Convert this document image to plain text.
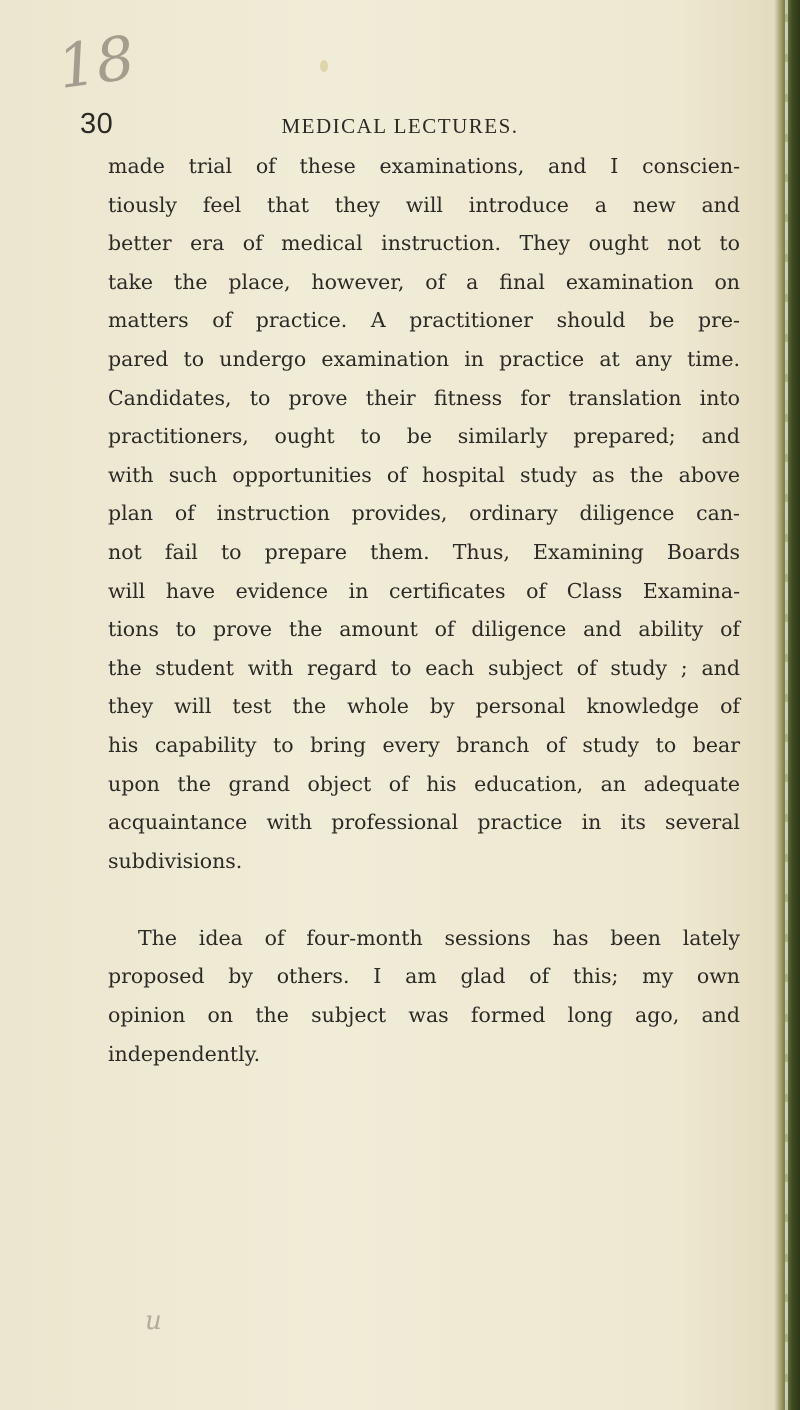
18
30	MEDICAL LECTURES.
made trial of these examinations, and I conscien-
tiously feel that they will introduce a new and
better era of medical instruction. They ought not to
take the place, however, of a final examination on
matters of practice. A practitioner should be pre-
pared to undergo examination in practice at any time.
Candidates, to prove their fitness for translation into
practitioners, ought to be similarly prepared; and
with such opportunities of hospital study as the above
plan of instruction provides, ordinary diligence can-
not fail to prepare them. Thus, Examining Boards
will have evidence in certificates of Class Examina-
tions to prove the amount of diligence and ability of
the student with regard to each subject of study ; and
they will test the whole by personal knowledge of
his capability to bring every branch of study to bear
upon the grand object of his education, an adequate
acquaintance with professional practice in its several
subdivisions.
The idea of four-month sessions has been lately
proposed by others. I am glad of this; my own
opinion on the subject was formed long ago, and
independently.
u
